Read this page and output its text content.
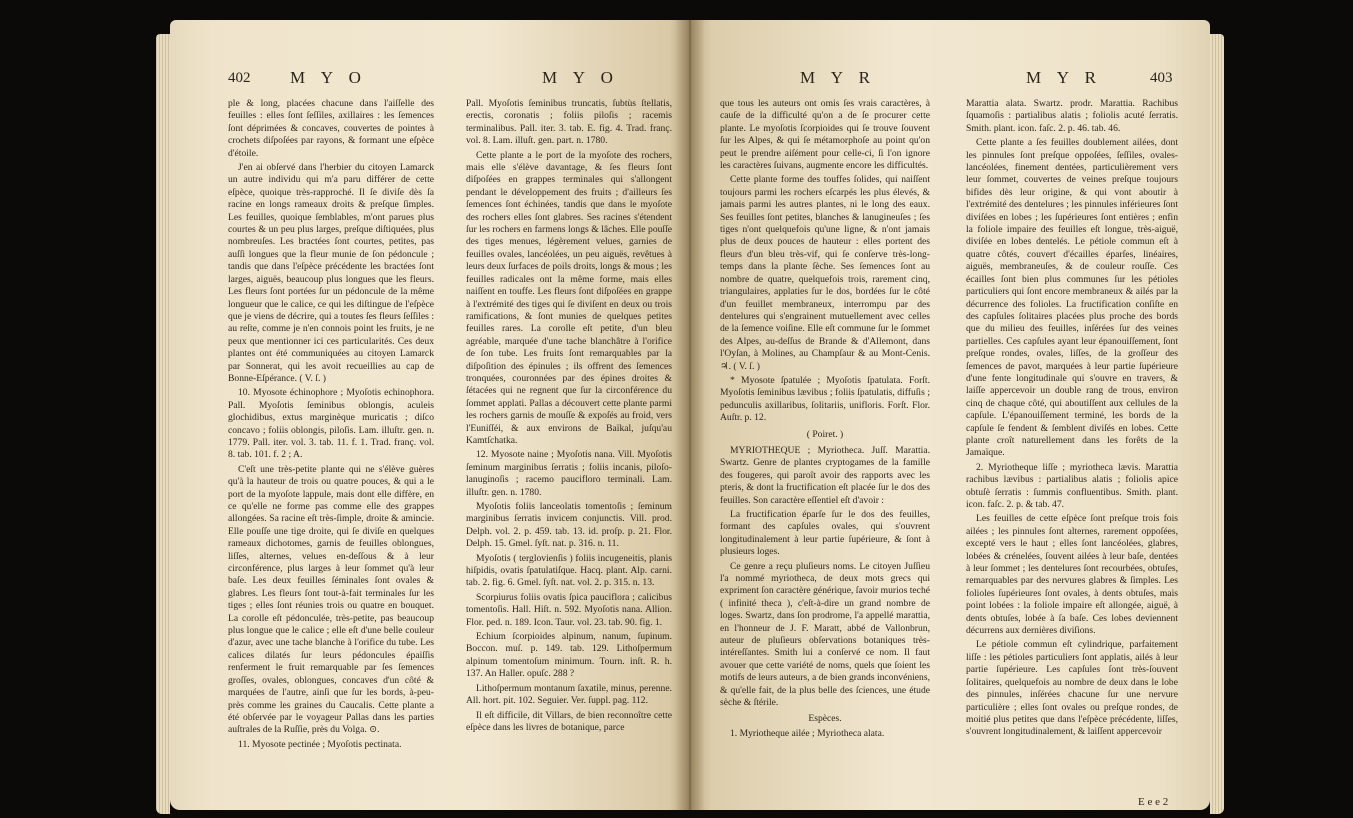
402 M Y O	M Y O

ple & long, placées chacune dans l'aiſſelle des feuilles : elles ſont ſeſſiles, axillaires : les ſemences ſont déprimées & concaves, couvertes de pointes à crochets diſpoſées par rayons, & formant une eſpèce d'étoile.

J'en ai obſervé dans l'herbier du citoyen Lamarck un autre individu qui m'a paru différer de cette eſpèce, quoique très-rapproché. Il ſe diviſe dès ſa racine en longs rameaux droits & preſque ſimples. Les feuilles, quoique ſemblables, m'ont parues plus courtes & un peu plus larges, preſque diſtiquées, plus nombreuſes. Les bractées ſont courtes, petites, pas auſſi longues que la fleur munie de ſon pédoncule ; tandis que dans l'eſpèce précédente les bractées ſont larges, aiguës, beaucoup plus longues que les fleurs. Les fleurs ſont portées ſur un pédoncule de la même longueur que le calice, ce qui les diſtingue de l'eſpèce que je viens de décrire, qui a toutes ſes fleurs ſeſſiles : au reſte, comme je n'en connois point les fruits, je ne peux que mentionner ici ces particularités. Ces deux plantes ont été communiquées au citoyen Lamarck par Sonnerat, qui les avoit recueillies au cap de Bonne-Eſpérance. ( V. ſ. )

10. Myosote échinophore ; Myoſotis echinophora. Pall. Myoſotis ſeminibus oblongis, aculeis glochidibus, extus marginèque muricatis ; diſco concavo ; foliis oblongis, piloſis. Lam. illuſtr. gen. n. 1779. Pall. iter. vol. 3. tab. 11. f. 1. Trad. franç. vol. 8. tab. 101. f. 2 ; A.

C'eſt une très-petite plante qui ne s'élève guères qu'à la hauteur de trois ou quatre pouces, & qui a le port de la myoſote lappule, mais dont elle diffère, en ce qu'elle ne forme pas comme elle des grappes allongées. Sa racine eſt très-ſimple, droite & amincie. Elle pouſſe une tige droite, qui ſe diviſe en quelques rameaux dichotomes, garnis de feuilles oblongues, liſſes, alternes, velues en-deſſous & à leur circonférence, plus larges à leur ſommet qu'à leur baſe. Les deux feuilles ſéminales ſont ovales & glabres. Les fleurs ſont tout-à-fait terminales ſur les tiges ; elles ſont réunies trois ou quatre en bouquet. La corolle eſt pédonculée, très-petite, pas beaucoup plus longue que le calice ; elle eſt d'une belle couleur d'azur, avec une tache blanche à l'orifice du tube. Les calices dilatés ſur leurs pédoncules épaiſſis renferment le fruit remarquable par ſes ſemences groſſes, ovales, oblongues, concaves d'un côté & marquées de l'autre, ainſi que ſur les bords, à-peu-près comme les graines du Caucalis. Cette plante a été obſervée par le voyageur Pallas dans les parties auſtrales de la Ruſſie, près du Volga. ⊙.

11. Myosote pectinée ; Myoſotis pectinata.

Pall. Myoſotis ſeminibus truncatis, ſubtùs ſtellatis, erectis, coronatis ; foliis piloſis ; racemis terminalibus. Pall. iter. 3. tab. E. fig. 4. Trad. franç. vol. 8. Lam. illuſt. gen. part. n. 1780.

Cette plante a le port de la myoſote des rochers, mais elle s'élève davantage, & ſes fleurs ſont diſpoſées en grappes terminales qui s'allongent pendant le développement des fruits ; d'ailleurs ſes ſemences ſont échinées, tandis que dans le myoſote des rochers elles ſont glabres. Ses racines s'étendent ſur les rochers en farmens longs & lâches. Elle pouſſe des tiges menues, légèrement velues, garnies de feuilles ovales, lancéolées, un peu aiguës, revêtues à leurs deux ſurfaces de poils droits, longs & mous ; les feuilles radicales ont la même forme, mais elles naiſſent en touffe. Les fleurs ſont diſpoſées en grappe à l'extrémité des tiges qui ſe diviſent en deux ou trois ramifications, & ſont munies de quelques petites feuilles rares. La corolle eſt petite, d'un bleu agréable, marquée d'une tache blanchâtre à l'orifice de ſon tube. Les fruits ſont remarquables par la diſpoſition des épinules ; ils offrent des ſemences tronquées, couronnées par des épines droites & ſétacées qui ne regnent que ſur la circonférence du ſommet applati. Pallas a découvert cette plante parmi les rochers garnis de mouſſe & expoſés au froid, vers l'Euniſſéi, & aux environs de Baïkal, juſqu'au Kamtſchatka.

12. Myosote naine ; Myoſotis nana. Vill. Myoſotis ſeminum marginibus ſerratis ; foliis incanis, piloſo-lanuginoſis ; racemo paucifloro terminali. Lam. illuſtr. gen. n. 1780.

Myoſotis foliis lanceolatis tomentoſis ; ſeminum marginibus ſerratis invicem conjunctis. Vill. prod. Delph. vol. 2. p. 459. tab. 13. id. proſp. p. 21. Flor. Delph. 15. Gmel. ſyſt. nat. p. 316. n. 11.

Myoſotis ( terglovienſis ) foliis incugeneitis, planis hiſpidis, ovatis ſpatulatiſque. Hacq. plant. Alp. carni. tab. 2. fig. 6. Gmel. ſyſt. nat. vol. 2. p. 315. n. 13.

Scorpiurus foliis ovatis ſpica pauciflora ; calicibus tomentoſis. Hall. Hiſt. n. 592. Myoſotis nana. Allion. Flor. ped. n. 189. Icon. Taur. vol. 23. tab. 90. fig. 1.

Echium ſcorpioides alpinum, nanum, ſupinum. Boccon. muſ. p. 149. tab. 129. Lithoſpermum alpinum tomentoſum minimum. Tourn. inſt. R. h. 137. An Haller. opuſc. 288 ?

Lithoſpermum montanum ſaxatile, minus, perenne. All. hort. pit. 102. Seguier. Ver. ſuppl. pag. 112.

Il eſt difficile, dit Villars, de bien reconnoître cette eſpèce dans les livres de botanique, parce

M Y R	M Y R	403

que tous les auteurs ont omis ſes vrais caractères, à cauſe de la difficulté qu'on a de ſe procurer cette plante. Le myoſotis ſcorpioides qui ſe trouve ſouvent ſur les Alpes, & qui ſe métamorphoſe au point qu'on peut le prendre aiſément pour celle-ci, ſi l'on ignore les caractères ſuivans, augmente encore les difficultés.

Cette plante forme des touffes ſolides, qui naiſſent toujours parmi les rochers eſcarpés les plus élevés, & jamais parmi les autres plantes, ni le long des eaux. Ses feuilles ſont petites, blanches & lanugineuſes ; ſes tiges n'ont quelquefois qu'une ligne, & n'ont jamais plus de deux pouces de hauteur : elles portent des fleurs d'un bleu très-vif, qui ſe conſerve très-long-temps dans la plante ſèche. Ses ſemences ſont au nombre de quatre, quelquefois trois, rarement cinq, triangulaires, applaties ſur le dos, bordées ſur le côté d'un feuillet membraneux, interrompu par des dentelures qui s'engrainent mutuellement avec celles de la ſemence voiſine. Elle eſt commune ſur le ſommet des Alpes, au-deſſus de Brande & d'Allemont, dans l'Oyſan, à Molines, au Champſaur & au Mont-Cenis. ♃. ( V. ſ. )

* Myosote ſpatulée ; Myoſotis ſpatulata. Forſt. Myoſotis ſeminibus lævibus ; foliis ſpatulatis, diffuſis ; pedunculis axillaribus, ſolitariis, unifloris. Forſt. Flor. Auſtr. p. 12.

( Poiret. )

MYRIOTHEQUE ; Myriotheca. Juſſ. Marattia. Swartz. Genre de plantes cryptogames de la famille des fougeres, qui paroît avoir des rapports avec les pteris, & dont la fructification eſt placée ſur le dos des feuilles. Son caractère eſſentiel eſt d'avoir :

La fructification éparſe ſur le dos des feuilles, formant des capſules ovales, qui s'ouvrent longitudinalement à leur partie ſupérieure, & ſont à plusieurs loges.

Ce genre a reçu pluſieurs noms. Le citoyen Juſſieu l'a nommé myriotheca, de deux mots grecs qui expriment ſon caractère générique, ſavoir murios teché ( infinité theca ), c'eſt-à-dire un grand nombre de loges. Swartz, dans ſon prodrome, l'a appellé marattia, en l'honneur de J. F. Maratt, abbé de Vallonbrun, auteur de pluſieurs obſervations botaniques très-intéreſſantes. Smith lui a conſervé ce nom. Il faut avouer que cette variété de noms, quels que ſoient les motifs de leurs auteurs, a de bien grands inconvéniens, & qu'elle fait, de la plus belle des ſciences, une étude sèche & ſtérile.

Espèces.

1. Myriotheque ailée ; Myriotheca alata.

Marattia alata. Swartz. prodr. Marattia. Rachibus ſquamoſis : partialibus alatis ; foliolis acuté ſerratis. Smith. plant. icon. faſc. 2. p. 46. tab. 46.

Cette plante a ſes feuilles doublement ailées, dont les pinnules ſont preſque oppoſées, ſeſſiles, ovales-lancéolées, finement dentées, particulièrement vers leur ſommet, couvertes de veines preſque toujours bifides dès leur origine, & qui vont aboutir à l'extrémité des dentelures ; les pinnules inférieures ſont diviſées en lobes ; les ſupérieures ſont entières ; enfin la foliole impaire des feuilles eſt longue, très-aiguë, diviſée en lobes dentelés. Le pétiole commun eſt à quatre côtés, couvert d'écailles éparſes, linéaires, aiguës, membraneuſes, & de couleur rouſſe. Ces écailles ſont bien plus communes ſur les pétioles particuliers qui ſont encore membraneux & ailés par la décurrence des folioles. La fructification conſiſte en des capſules ſolitaires placées plus proche des bords que du milieu des feuilles, inſérées ſur des veines partielles. Ces capſules ayant leur épanouiſſement, ſont preſque rondes, ovales, liſſes, de la groſſeur des ſemences de pavot, marquées à leur partie ſupérieure d'une fente longitudinale qui s'ouvre en travers, & laiſſe appercevoir un double rang de trous, environ cinq de chaque côté, qui aboutiſſent aux cellules de la capſule. L'épanouiſſement terminé, les bords de la capſule ſe fendent & ſemblent diviſés en lobes. Cette plante croît naturellement dans les forêts de la Jamaïque.

2. Myriotheque liſſe ; myriotheca lævis. Marattia rachibus lævibus : partialibus alatis ; foliolis apice obtuſè ſerratis : ſummis confluentibus. Smith. plant. icon. faſc. 2. p. & tab. 47.

Les feuilles de cette eſpèce ſont preſque trois fois ailées ; les pinnules ſont alternes, rarement oppoſées, excepté vers le haut ; elles ſont lancéolées, glabres, lobées & crénelées, ſouvent ailées à leur baſe, dentées à leur ſommet ; les dentelures ſont recourbées, obtuſes, remarquables par des nervures glabres & ſimples. Les folioles ſupérieures ſont ovales, à dents obtuſes, mais point lobées : la foliole impaire eſt allongée, aiguë, à dents obtuſes, lobée à ſa baſe. Ces lobes deviennent décurrens aux dernières diviſions.

Le pétiole commun eſt cylindrique, parfaitement liſſe : les pétioles particuliers ſont applatis, ailés à leur partie ſupérieure. Les capſules ſont très-ſouvent ſolitaires, quelquefois au nombre de deux dans le lobe des pinnules, inſérées chacune ſur une nervure particulière ; elles ſont ovales ou preſque rondes, de moitié plus petites que dans l'eſpèce précédente, liſſes, s'ouvrent longitudinalement, & laiſſent appercevoir

E e e 2
